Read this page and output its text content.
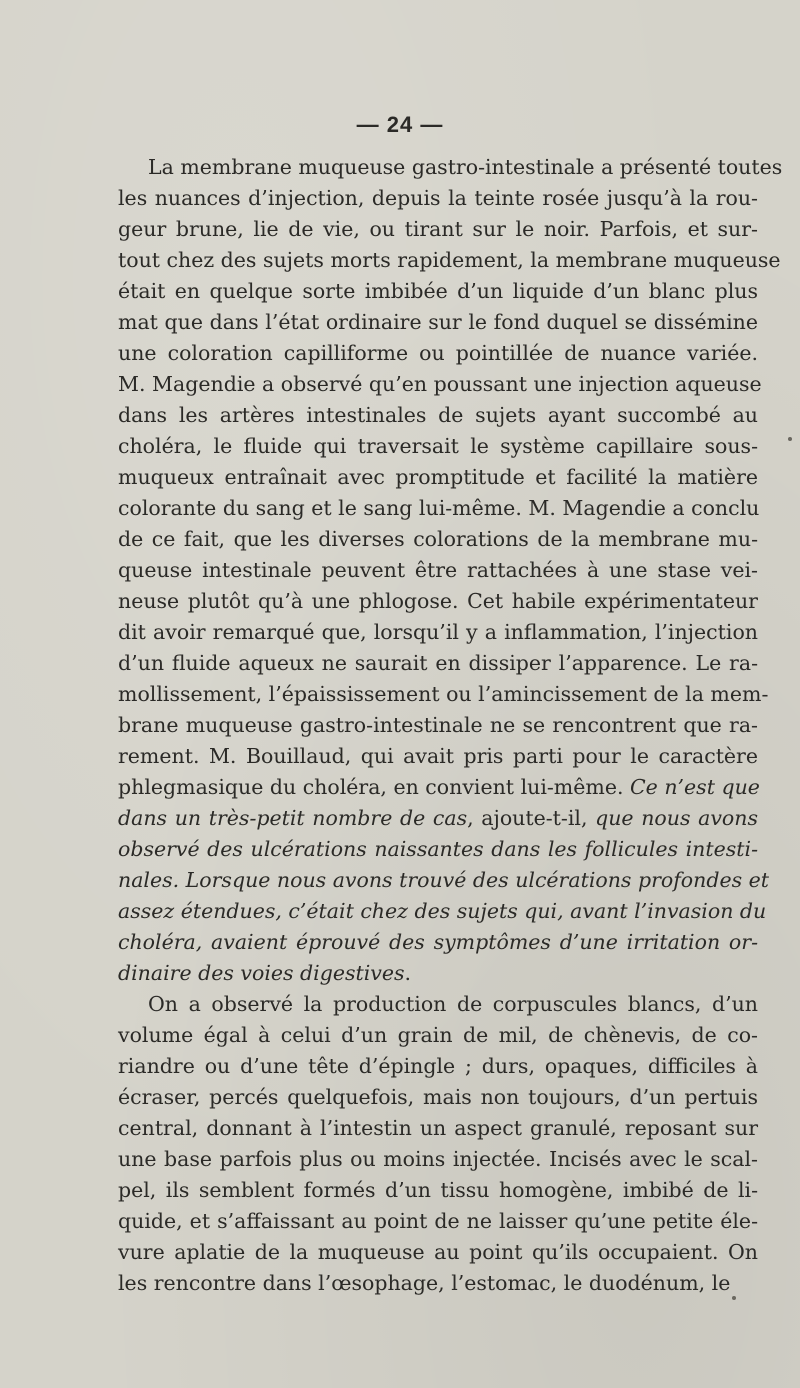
— 24 —
La membrane muqueuse gastro-intestinale a présenté toutes
les nuances d’injection, depuis la teinte rosée jusqu’à la rou-
geur brune, lie de vie, ou tirant sur le noir. Parfois, et sur-
tout chez des sujets morts rapidement, la membrane muqueuse
était en quelque sorte imbibée d’un liquide d’un blanc plus
mat que dans l’état ordinaire sur le fond duquel se dissémine
une coloration capilliforme ou pointillée de nuance variée.
M. Magendie a observé qu’en poussant une injection aqueuse
dans les artères intestinales de sujets ayant succombé au
choléra, le fluide qui traversait le système capillaire sous-
muqueux entraînait avec promptitude et facilité la matière
colorante du sang et le sang lui-même. M. Magendie a conclu
de ce fait, que les diverses colorations de la membrane mu-
queuse intestinale peuvent être rattachées à une stase vei-
neuse plutôt qu’à une phlogose. Cet habile expérimentateur
dit avoir remarqué que, lorsqu’il y a inflammation, l’injection
d’un fluide aqueux ne saurait en dissiper l’apparence. Le ra-
mollissement, l’épaississement ou l’amincissement de la mem-
brane muqueuse gastro-intestinale ne se rencontrent que ra-
rement. M. Bouillaud, qui avait pris parti pour le caractère
phlegmasique du choléra, en convient lui-même. Ce n’est que
dans un très-petit nombre de cas, ajoute-t-il, que nous avons
observé des ulcérations naissantes dans les follicules intesti-
nales. Lorsque nous avons trouvé des ulcérations profondes et
assez étendues, c’était chez des sujets qui, avant l’invasion du
choléra, avaient éprouvé des symptômes d’une irritation or-
dinaire des voies digestives.
On a observé la production de corpuscules blancs, d’un
volume égal à celui d’un grain de mil, de chènevis, de co-
riandre ou d’une tête d’épingle ; durs, opaques, difficiles à
écraser, percés quelquefois, mais non toujours, d’un pertuis
central, donnant à l’intestin un aspect granulé, reposant sur
une base parfois plus ou moins injectée. Incisés avec le scal-
pel, ils semblent formés d’un tissu homogène, imbibé de li-
quide, et s’affaissant au point de ne laisser qu’une petite éle-
vure aplatie de la muqueuse au point qu’ils occupaient. On
les rencontre dans l’œsophage, l’estomac, le duodénum, le
